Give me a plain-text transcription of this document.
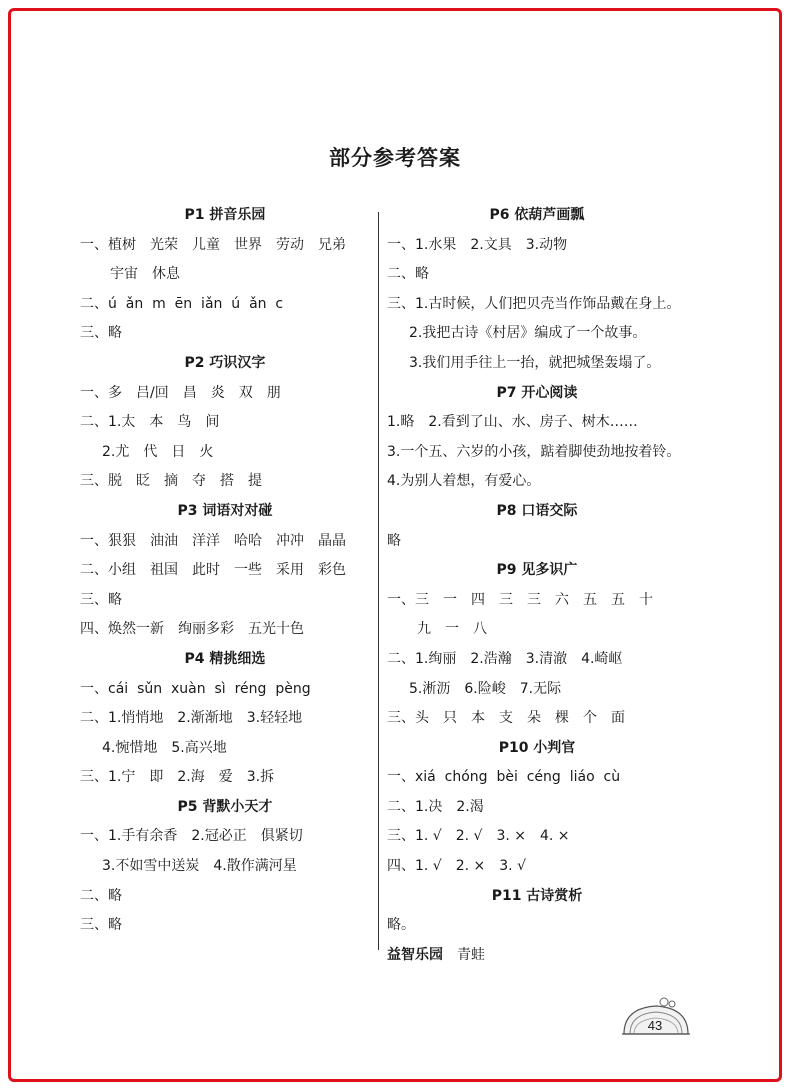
部分参考答案
P1 拼音乐园
一、植树　光荣　儿童　世界　劳动　兄弟
宇宙　休息
二、ú  ǎn  m  ēn  iǎn  ú  ǎn  c
三、略
P2 巧识汉字
一、多　吕/回　昌　炎　双　朋
二、1.太　本　鸟　间
2.尤　代　日　火
三、脱　眨　摘　夺　搭　提
P3 词语对对碰
一、狠狠　油油　洋洋　哈哈　冲冲　晶晶
二、小组　祖国　此时　一些　采用　彩色
三、略
四、焕然一新　绚丽多彩　五光十色
P4 精挑细选
一、cái  sǔn  xuàn  sì  réng  pèng
二、1.悄悄地　2.渐渐地　3.轻轻地
4.惋惜地　5.高兴地
三、1.宁　即　2.海　爱　3.拆
P5 背默小天才
一、1.手有余香　2.冠必正　俱紧切
3.不如雪中送炭　4.散作满河星
二、略
三、略
P6 依葫芦画瓢
一、1.水果　2.文具　3.动物
二、略
三、1.古时候，人们把贝壳当作饰品戴在身上。
2.我把古诗《村居》编成了一个故事。
3.我们用手往上一抬，就把城堡轰塌了。
P7 开心阅读
1.略　2.看到了山、水、房子、树木……
3.一个五、六岁的小孩，踮着脚使劲地按着铃。
4.为别人着想，有爱心。
P8 口语交际
略
P9 见多识广
一、三　一　四　三　三　六　五　五　十
九　一　八
二、1.绚丽　2.浩瀚　3.清澈　4.崎岖
5.淅沥　6.险峻　7.无际
三、头　只　本　支　朵　棵　个　面
P10 小判官
一、xiá  chóng  bèi  céng  liáo  cù
二、1.决　2.渴
三、1. √　2. √　3. ×　4. ×
四、1. √　2. ×　3. √
P11 古诗赏析
略。
益智乐园　 青蛙
43
